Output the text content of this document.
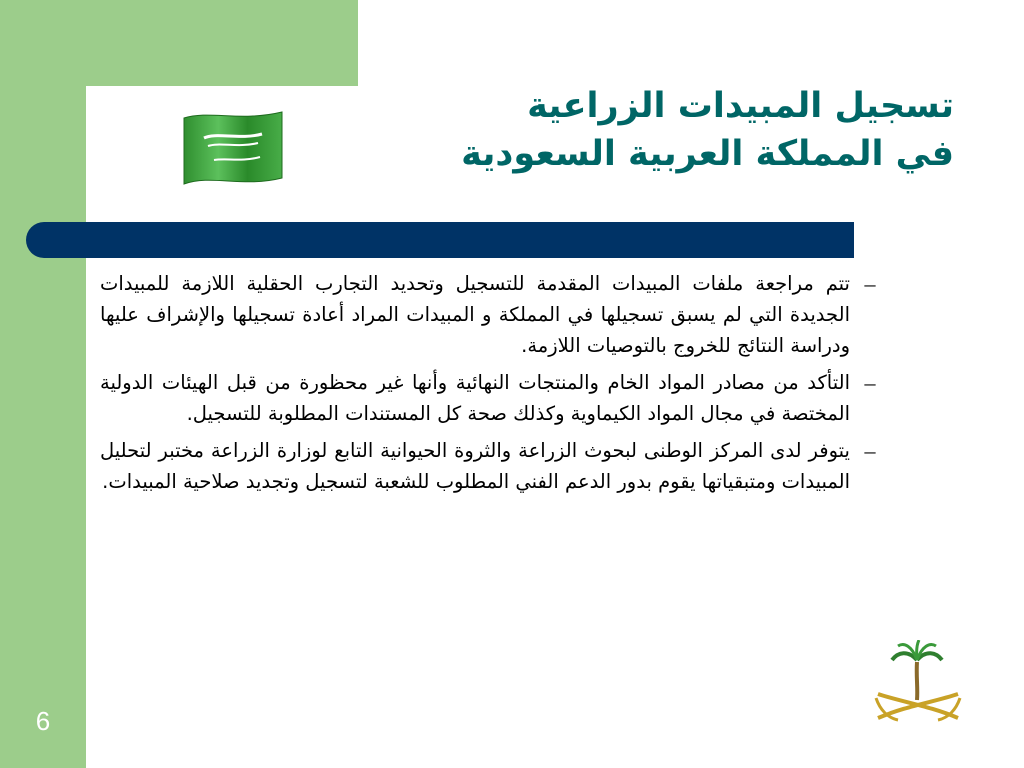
6
تسجيل المبيدات الزراعية
في المملكة العربية السعودية
–
تتم مراجعة ملفات المبيدات المقدمة للتسجيل وتحديد التجارب الحقلية اللازمة للمبيدات الجديدة التي لم يسبق تسجيلها في المملكة و المبيدات المراد أعادة تسجيلها والإشراف عليها ودراسة النتائج للخروج بالتوصيات اللازمة.
–
التأكد من مصادر المواد الخام والمنتجات النهائية وأنها غير محظورة من قبل الهيئات الدولية المختصة في مجال المواد الكيماوية وكذلك صحة كل المستندات المطلوبة للتسجيل.
–
يتوفر لدى المركز الوطنى لبحوث الزراعة والثروة الحيوانية التابع لوزارة الزراعة مختبر لتحليل المبيدات ومتبقياتها يقوم بدور الدعم الفني المطلوب للشعبة لتسجيل وتجديد صلاحية المبيدات.
